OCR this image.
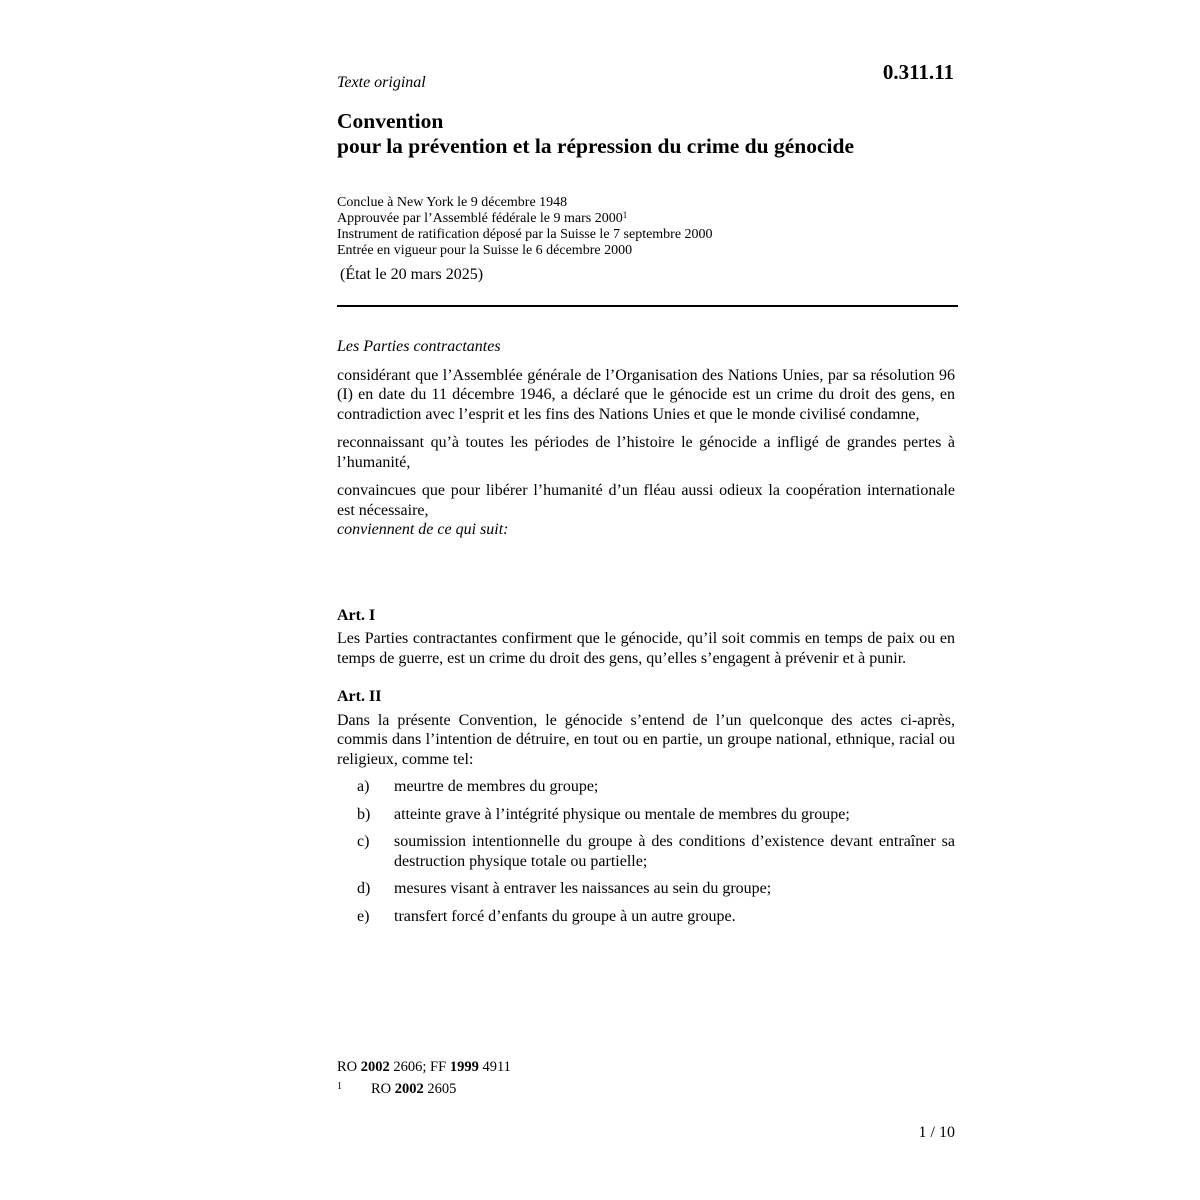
Texte original	0.311.11
Convention
pour la prévention et la répression du crime du génocide
Conclue à New York le 9 décembre 1948
Approuvée par l’Assemblé fédérale le 9 mars 2000$^1$
Instrument de ratification déposé par la Suisse le 7 septembre 2000
Entrée en vigueur pour la Suisse le 6 décembre 2000
(État le 20 mars 2025)

Les Parties contractantes

considérant que l’Assemblée générale de l’Organisation des Nations Unies, par sa résolution 96 (I) en date du 11 décembre 1946, a déclaré que le génocide est un crime du droit des gens, en contradiction avec l’esprit et les fins des Nations Unies et que le monde civilisé condamne,

reconnaissant qu’à toutes les périodes de l’histoire le génocide a infligé de grandes pertes à l’humanité,

convaincues que pour libérer l’humanité d’un fléau aussi odieux la coopération internationale est nécessaire,

conviennent de ce qui suit:

Art. I

Les Parties contractantes confirment que le génocide, qu’il soit commis en temps de paix ou en temps de guerre, est un crime du droit des gens, qu’elles s’engagent à prévenir et à punir.

Art. II

Dans la présente Convention, le génocide s’entend de l’un quelconque des actes ci-après, commis dans l’intention de détruire, en tout ou en partie, un groupe national, ethnique, racial ou religieux, comme tel:

a) meurtre de membres du groupe;
b) atteinte grave à l’intégrité physique ou mentale de membres du groupe;
c) soumission intentionnelle du groupe à des conditions d’existence devant entraîner sa destruction physique totale ou partielle;
d) mesures visant à entraver les naissances au sein du groupe;
e) transfert forcé d’enfants du groupe à un autre groupe.
RO 2002 2606; FF 1999 4911
1 RO 2002 2605
1 / 10
